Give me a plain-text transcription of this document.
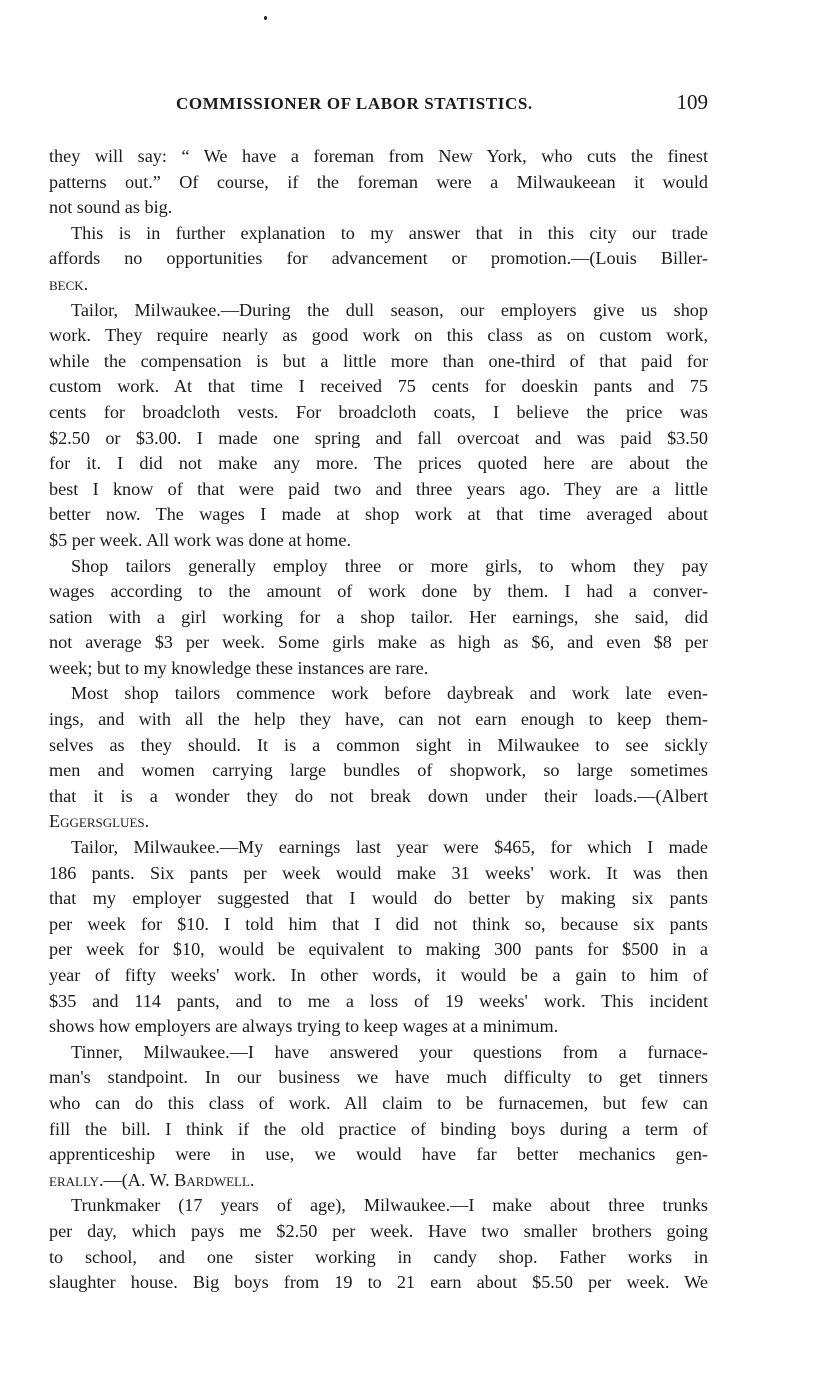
COMMISSIONER OF LABOR STATISTICS.	109
they will say: “ We have a foreman from New York, who cuts the finest
patterns out.” Of course, if the foreman were a Milwaukeean it would
not sound as big.
This is in further explanation to my answer that in this city our trade
affords no opportunities for advancement or promotion.—(Louis Biller-
beck.
Tailor, Milwaukee.—During the dull season, our employers give us shop
work. They require nearly as good work on this class as on custom work,
while the compensation is but a little more than one-third of that paid for
custom work. At that time I received 75 cents for doeskin pants and 75
cents for broadcloth vests. For broadcloth coats, I believe the price was
$2.50 or $3.00. I made one spring and fall overcoat and was paid $3.50
for it. I did not make any more. The prices quoted here are about the
best I know of that were paid two and three years ago. They are a little
better now. The wages I made at shop work at that time averaged about
$5 per week. All work was done at home.
Shop tailors generally employ three or more girls, to whom they pay
wages according to the amount of work done by them. I had a conver-
sation with a girl working for a shop tailor. Her earnings, she said, did
not average $3 per week. Some girls make as high as $6, and even $8 per
week; but to my knowledge these instances are rare.
Most shop tailors commence work before daybreak and work late even-
ings, and with all the help they have, can not earn enough to keep them-
selves as they should. It is a common sight in Milwaukee to see sickly
men and women carrying large bundles of shopwork, so large sometimes
that it is a wonder they do not break down under their loads.—(Albert
Eggersglues.
Tailor, Milwaukee.—My earnings last year were $465, for which I made
186 pants. Six pants per week would make 31 weeks' work. It was then
that my employer suggested that I would do better by making six pants
per week for $10. I told him that I did not think so, because six pants
per week for $10, would be equivalent to making 300 pants for $500 in a
year of fifty weeks' work. In other words, it would be a gain to him of
$35 and 114 pants, and to me a loss of 19 weeks' work. This incident
shows how employers are always trying to keep wages at a minimum.
Tinner, Milwaukee.—I have answered your questions from a furnace-
man's standpoint. In our business we have much difficulty to get tinners
who can do this class of work. All claim to be furnacemen, but few can
fill the bill. I think if the old practice of binding boys during a term of
apprenticeship were in use, we would have far better mechanics gen-
erally.—(A. W. Bardwell.
Trunkmaker (17 years of age), Milwaukee.—I make about three trunks
per day, which pays me $2.50 per week. Have two smaller brothers going
to school, and one sister working in candy shop. Father works in
slaughter house. Big boys from 19 to 21 earn about $5.50 per week. We
